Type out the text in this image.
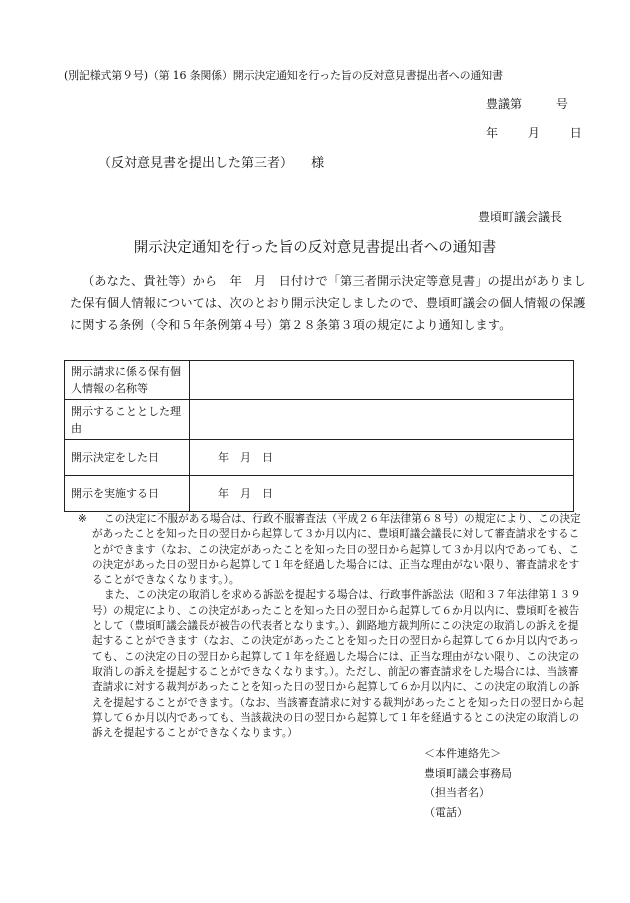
(別記様式第９号)（第 16 条関係）開示決定通知を行った旨の反対意見書提出者への通知書
豊議第	号
年 月 日
（反対意見書を提出した第三者） 様
豊頃町議会議長
開示決定通知を行った旨の反対意見書提出者への通知書

（あなた、貴社等）から　年　月　日付けで「第三者開示決定等意見書」の提出がありました保有個人情報については、次のとおり開示決定しましたので、豊頃町議会の個人情報の保護に関する条例（令和５年条例第４号）第２８条第３項の規定により通知します。

開示請求に係る保有個人情報の名称等	
開示することとした理由	
開示決定をした日	年　月　日
開示を実施する日	年　月　日
※	この決定に不服がある場合は、行政不服審査法（平成２６年法律第６８号）の規定により、この決定があったことを知った日の翌日から起算して３か月以内に、豊頃町議会議長に対して審査請求をすることができます（なお、この決定があったことを知った日の翌日から起算して３か月以内であっても、この決定があった日の翌日から起算して１年を経過した場合には、正当な理由がない限り、審査請求をすることができなくなります。）。

また、この決定の取消しを求める訴訟を提起する場合は、行政事件訴訟法（昭和３７年法律第１３９号）の規定により、この決定があったことを知った日の翌日から起算して６か月以内に、豊頃町を被告として（豊頃町議会議長が被告の代表者となります。）、釧路地方裁判所にこの決定の取消しの訴えを提起することができます（なお、この決定があったことを知った日の翌日から起算して６か月以内であっても、この決定の日の翌日から起算して１年を経過した場合には、正当な理由がない限り、この決定の取消しの訴えを提起することができなくなります。）。ただし、前記の審査請求をした場合には、当該審査請求に対する裁判があったことを知った日の翌日から起算して６か月以内に、この決定の取消しの訴えを提起することができます。（なお、当該審査請求に対する裁判があったことを知った日の翌日から起算して６か月以内であっても、当該裁決の日の翌日から起算して１年を経過するとこの決定の取消しの訴えを提起することができなくなります。）

＜本件連絡先＞
豊頃町議会事務局
（担当者名）
（電話）
